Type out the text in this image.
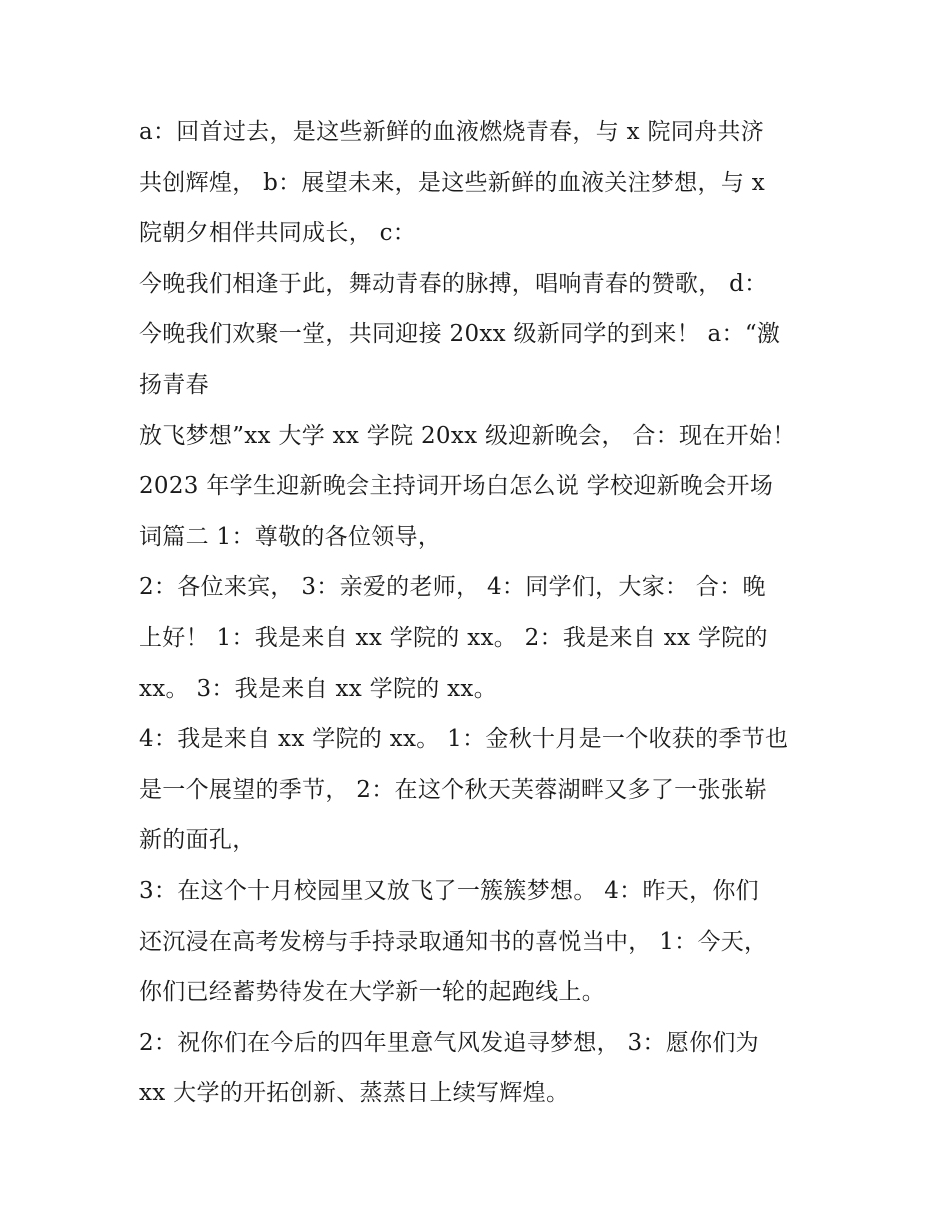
a：回首过去，是这些新鲜的血液燃烧青春，与 x 院同舟共济
共创辉煌， b：展望未来，是这些新鲜的血液关注梦想，与 x
院朝夕相伴共同成长， c：
今晚我们相逢于此，舞动青春的脉搏，唱响青春的赞歌， d：
今晚我们欢聚一堂，共同迎接 20xx 级新同学的到来！ a：“激
扬青春
放飞梦想”xx 大学 xx 学院 20xx 级迎新晚会， 合：现在开始！
2023 年学生迎新晚会主持词开场白怎么说 学校迎新晚会开场
词篇二 1：尊敬的各位领导，
2：各位来宾， 3：亲爱的老师， 4：同学们，大家： 合：晚
上好！ 1：我是来自 xx 学院的 xx。 2：我是来自 xx 学院的
xx。 3：我是来自 xx 学院的 xx。
4：我是来自 xx 学院的 xx。 1：金秋十月是一个收获的季节也
是一个展望的季节， 2：在这个秋天芙蓉湖畔又多了一张张崭
新的面孔，
3：在这个十月校园里又放飞了一簇簇梦想。 4：昨天，你们
还沉浸在高考发榜与手持录取通知书的喜悦当中， 1：今天，
你们已经蓄势待发在大学新一轮的起跑线上。
2：祝你们在今后的四年里意气风发追寻梦想， 3：愿你们为
xx 大学的开拓创新、蒸蒸日上续写辉煌。
